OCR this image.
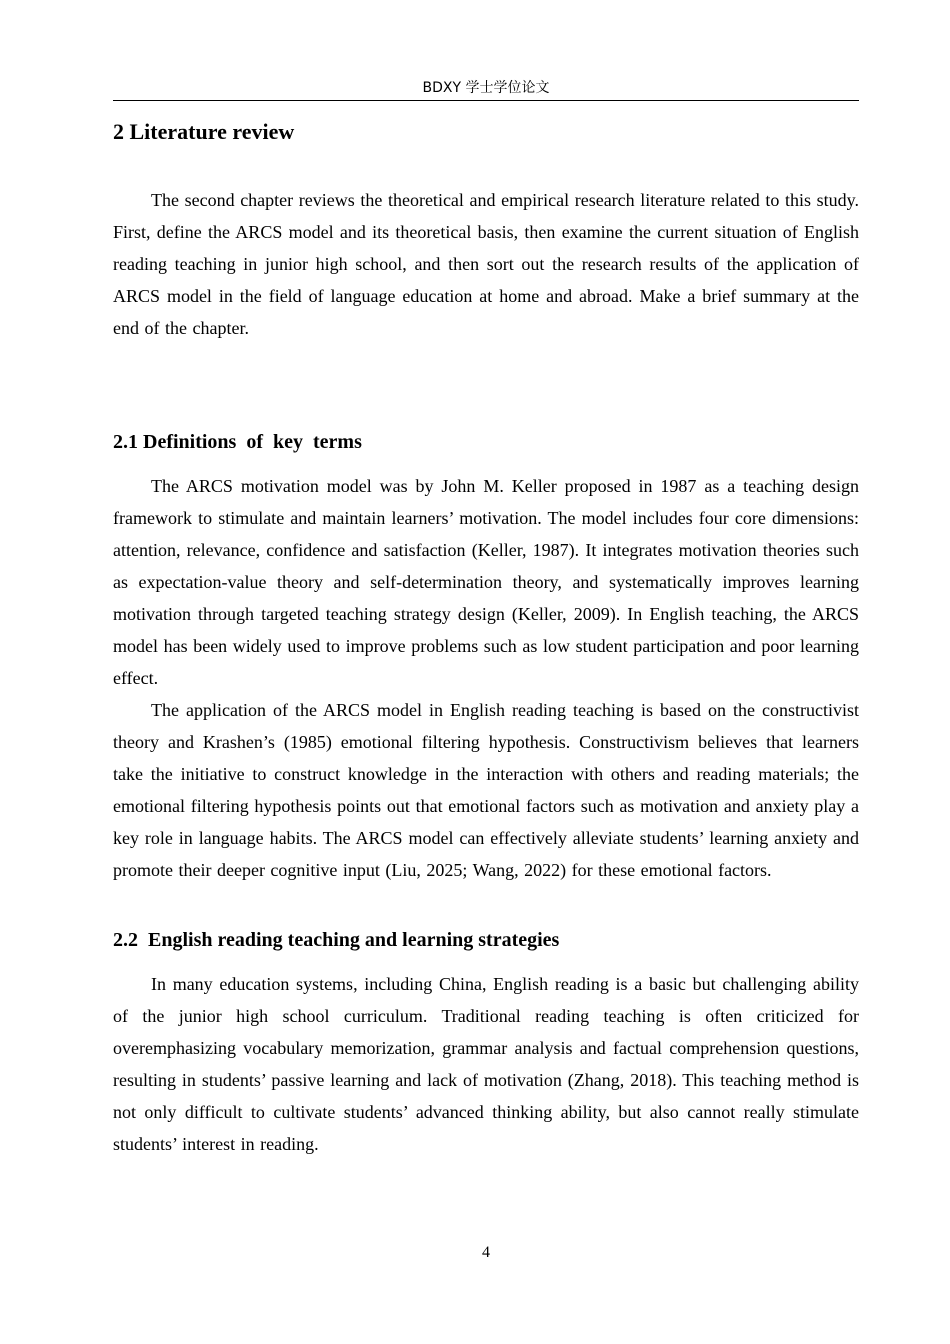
BDXY 学士学位论文
2 Literature review

The second chapter reviews the theoretical and empirical research literature related to this study. First, define the ARCS model and its theoretical basis, then examine the current situation of English reading teaching in junior high school, and then sort out the research results of the application of ARCS model in the field of language education at home and abroad. Make a brief summary at the end of the chapter.

2.1 Definitions  of  key  terms

The ARCS motivation model was by John M. Keller proposed in 1987 as a teaching design framework to stimulate and maintain learners’ motivation. The model includes four core dimensions: attention, relevance, confidence and satisfaction (Keller, 1987). It integrates motivation theories such as expectation-value theory and self-determination theory, and systematically improves learning motivation through targeted teaching strategy design (Keller, 2009). In English teaching, the ARCS model has been widely used to improve problems such as low student participation and poor learning effect.

The application of the ARCS model in English reading teaching is based on the constructivist theory and Krashen’s (1985) emotional filtering hypothesis. Constructivism believes that learners take the initiative to construct knowledge in the interaction with others and reading materials; the emotional filtering hypothesis points out that emotional factors such as motivation and anxiety play a key role in language habits. The ARCS model can effectively alleviate students’ learning anxiety and promote their deeper cognitive input (Liu, 2025; Wang, 2022) for these emotional factors.

2.2  English reading teaching and learning strategies

In many education systems, including China, English reading is a basic but challenging ability of the junior high school curriculum. Traditional reading teaching is often criticized for overemphasizing vocabulary memorization, grammar analysis and factual comprehension questions, resulting in students’ passive learning and lack of motivation (Zhang, 2018). This teaching method is not only difficult to cultivate students’ advanced thinking ability, but also cannot really stimulate students’ interest in reading.

4
